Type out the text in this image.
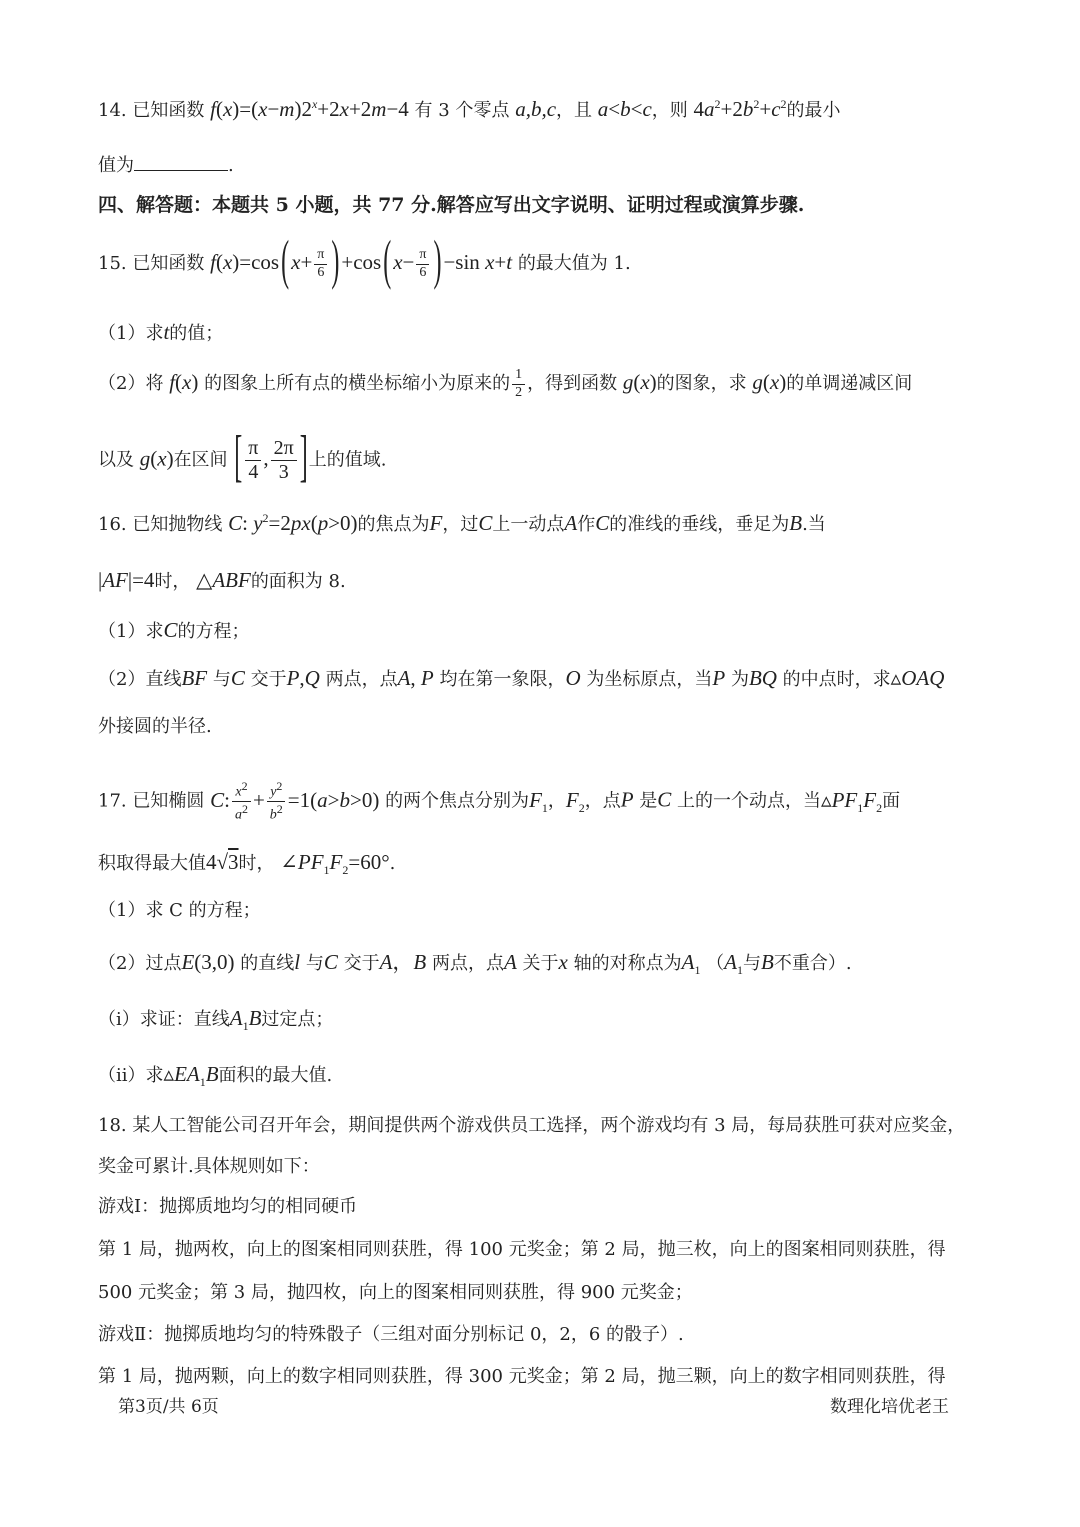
14. 已知函数 $f(x)=(x-m)2^x+2x+2m-4$ 有 3 个零点 a,b,c，且 a<b<c，则 $4a^2+2b^2+c^2$的最小
值为	.
四、解答题：本题共 5 小题，共 77 分.解答应写出文字说明、证明过程或演算步骤.
15. 已知函数 $f(x)=\cos(x+ \frac{\pi}{6} )+\cos(x- \frac{\pi}{6} )-\sin$ x+t 的最大值为 1.
（1）求t的值；
（2）将 f(x) 的图象上所有点的横坐标缩小为原来的 $\frac{1}{2}$ ，得到函数 g(x)的图象，求 g(x)的单调递减区间
以及 g(x)在区间 [ $\frac{\pi}{4}$ , $\frac{2\pi}{3}$ ]上的值域.
16. 已知抛物线 C: $y^2=2px(p>0)$的焦点为F，过C上一动点A作C的准线的垂线，垂足为B.当
|AF|=4时， △ABF的面积为 8.
（1）求C的方程；
（2）直线BF 与C 交于P,Q 两点，点A, P 均在第一象限，O 为坐标原点，当P 为BQ 的中点时，求▵OAQ
外接圆的半径.
17. 已知椭圆 C: $\frac{x^2}{a^2} + \frac{y^2}{b^2} =1(a>b>0)$ 的两个焦点分别为$F_1$，$F_2$，点P 是C 上的一个动点，当$▵PF_1F_2$面
积取得最大值4√3时， $\angle PF_1F_2=60^\circ$.
（1）求 C 的方程；
（2）过点E(3,0) 的直线l 与C 交于A，B 两点，点A 关于x 轴的对称点为$A_1$ （$A_1$与B不重合）.
（i）求证：直线$A_1B$过定点；
（ii）求$▵EA_1B$面积的最大值.
18. 某人工智能公司召开年会，期间提供两个游戏供员工选择，两个游戏均有 3 局，每局获胜可获对应奖金，
奖金可累计.具体规则如下：
游戏Ⅰ：抛掷质地均匀的相同硬币
第 1 局，抛两枚，向上的图案相同则获胜，得 100 元奖金；第 2 局，抛三枚，向上的图案相同则获胜，得
500 元奖金；第 3 局，抛四枚，向上的图案相同则获胜，得 900 元奖金；
游戏Ⅱ：抛掷质地均匀的特殊骰子（三组对面分别标记 0，2，6 的骰子）.
第 1 局，抛两颗，向上的数字相同则获胜，得 300 元奖金；第 2 局，抛三颗，向上的数字相同则获胜，得
第3页/共 6页	数理化培优老王
